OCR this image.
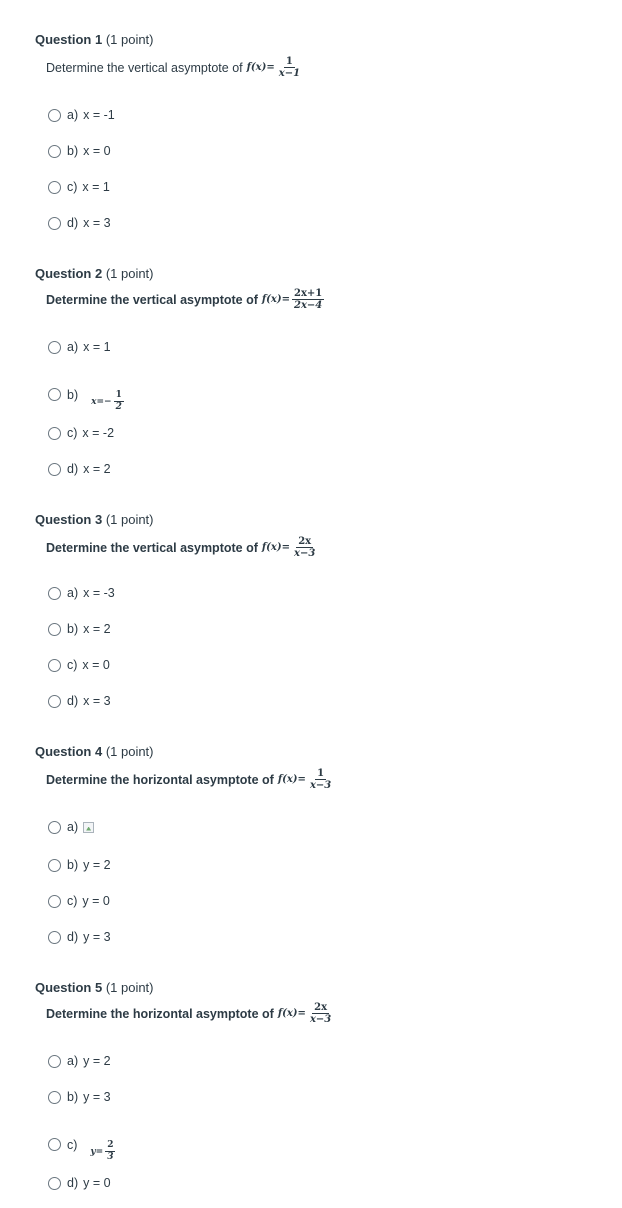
Question 1 (1 point)
Determine the vertical asymptote of $f(x) = \frac{1}{x-1}$
a) x = -1
b) x = 0
c) x = 1
d) x = 3
Question 2 (1 point)
Determine the vertical asymptote of $f(x) = \frac{2x+1}{2x-4}$
a) x = 1
b) $x =- \frac{1}{2}$
c) x = -2
d) x = 2
Question 3 (1 point)
Determine the vertical asymptote of $f(x) = \frac{2x}{x-3}$
a) x = -3
b) x = 2
c) x = 0
d) x = 3
Question 4 (1 point)
Determine the horizontal asymptote of $f(x) = \frac{1}{x-3}$
a)
b) y = 2
c) y = 0
d) y = 3
Question 5 (1 point)
Determine the horizontal asymptote of $f(x) = \frac{2x}{x-3}$
a) y = 2
b) y = 3
c) $y = \frac{2}{3}$
d) y = 0
